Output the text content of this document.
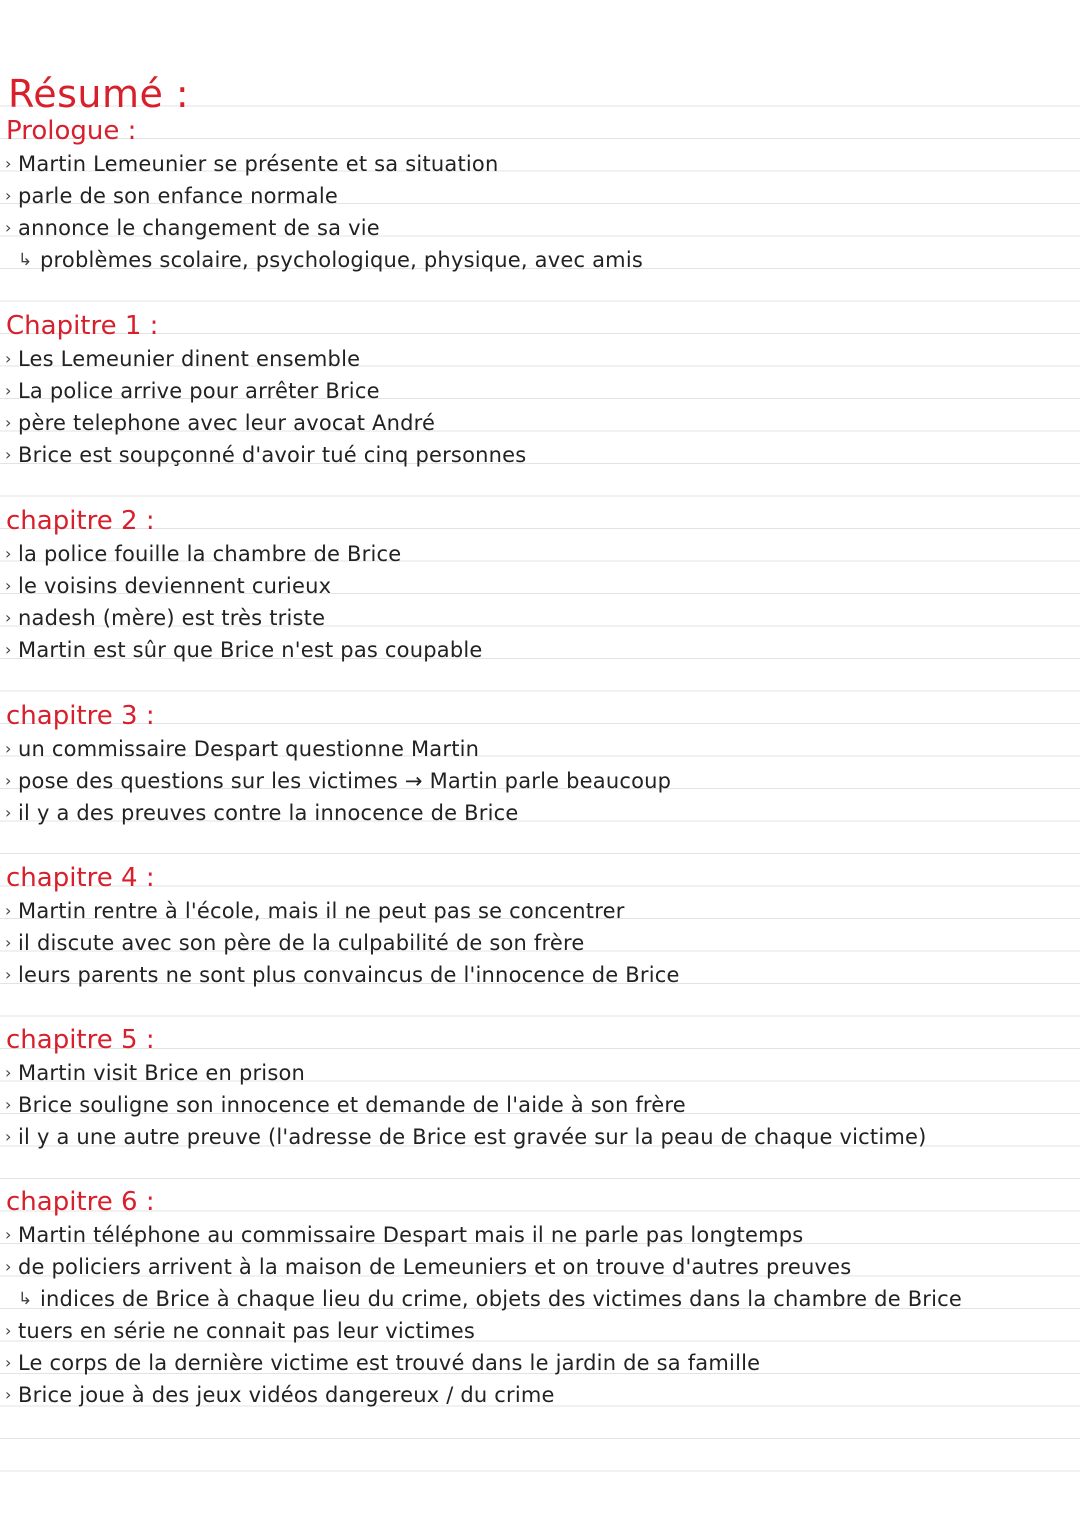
Résumé :
Prologue :
› Martin Lemeunier se présente et sa situation
› parle de son enfance normale
› annonce le changement de sa vie
↳ problèmes scolaire, psychologique, physique, avec amis
Chapitre 1 :
› Les Lemeunier dinent ensemble
› La police arrive pour arrêter Brice
› père telephone avec leur avocat André
› Brice est soupçonné d'avoir tué cinq personnes
chapitre 2 :
› la police fouille la chambre de Brice
› le voisins deviennent curieux
› nadesh (mère) est très triste
› Martin est sûr que Brice n'est pas coupable
chapitre 3 :
› un commissaire Despart questionne Martin
› pose des questions sur les victimes → Martin parle beaucoup
› il y a des preuves contre la innocence de Brice
chapitre 4 :
› Martin rentre à l'école, mais il ne peut pas se concentrer
› il discute avec son père de la culpabilité de son frère
› leurs parents ne sont plus convaincus de l'innocence de Brice
chapitre 5 :
› Martin visit Brice en prison
› Brice souligne son innocence et demande de l'aide à son frère
› il y a une autre preuve (l'adresse de Brice est gravée sur la peau de chaque victime)
chapitre 6 :
› Martin téléphone au commissaire Despart mais il ne parle pas longtemps
› de policiers arrivent à la maison de Lemeuniers et on trouve d'autres preuves
↳ indices de Brice à chaque lieu du crime, objets des victimes dans la chambre de Brice
› tuers en série ne connait pas leur victimes
› Le corps de la dernière victime est trouvé dans le jardin de sa famille
› Brice joue à des jeux vidéos dangereux / du crime
